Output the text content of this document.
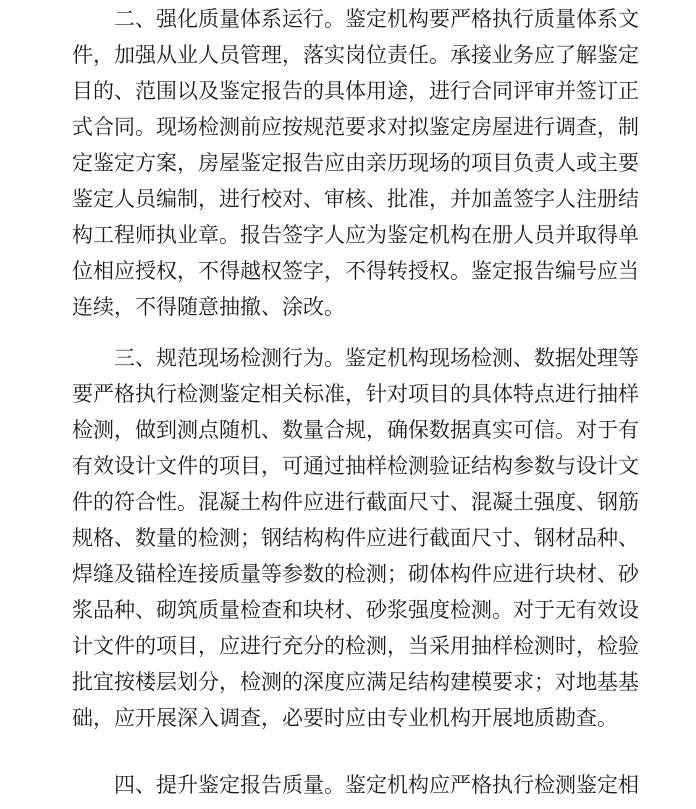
　　二、强化质量体系运行。鉴定机构要严格执行质量体系文
件，加强从业人员管理，落实岗位责任。承接业务应了解鉴定
目的、范围以及鉴定报告的具体用途，进行合同评审并签订正
式合同。现场检测前应按规范要求对拟鉴定房屋进行调查，制
定鉴定方案，房屋鉴定报告应由亲历现场的项目负责人或主要
鉴定人员编制，进行校对、审核、批准，并加盖签字人注册结
构工程师执业章。报告签字人应为鉴定机构在册人员并取得单
位相应授权，不得越权签字，不得转授权。鉴定报告编号应当
连续，不得随意抽撤、涂改。
　　三、规范现场检测行为。鉴定机构现场检测、数据处理等
要严格执行检测鉴定相关标准，针对项目的具体特点进行抽样
检测，做到测点随机、数量合规，确保数据真实可信。对于有
有效设计文件的项目，可通过抽样检测验证结构参数与设计文
件的符合性。混凝土构件应进行截面尺寸、混凝土强度、钢筋
规格、数量的检测；钢结构构件应进行截面尺寸、钢材品种、
焊缝及锚栓连接质量等参数的检测；砌体构件应进行块材、砂
浆品种、砌筑质量检查和块材、砂浆强度检测。对于无有效设
计文件的项目，应进行充分的检测，当采用抽样检测时，检验
批宜按楼层划分，检测的深度应满足结构建模要求；对地基基
础，应开展深入调查，必要时应由专业机构开展地质勘查。
　　四、提升鉴定报告质量。鉴定机构应严格执行检测鉴定相
